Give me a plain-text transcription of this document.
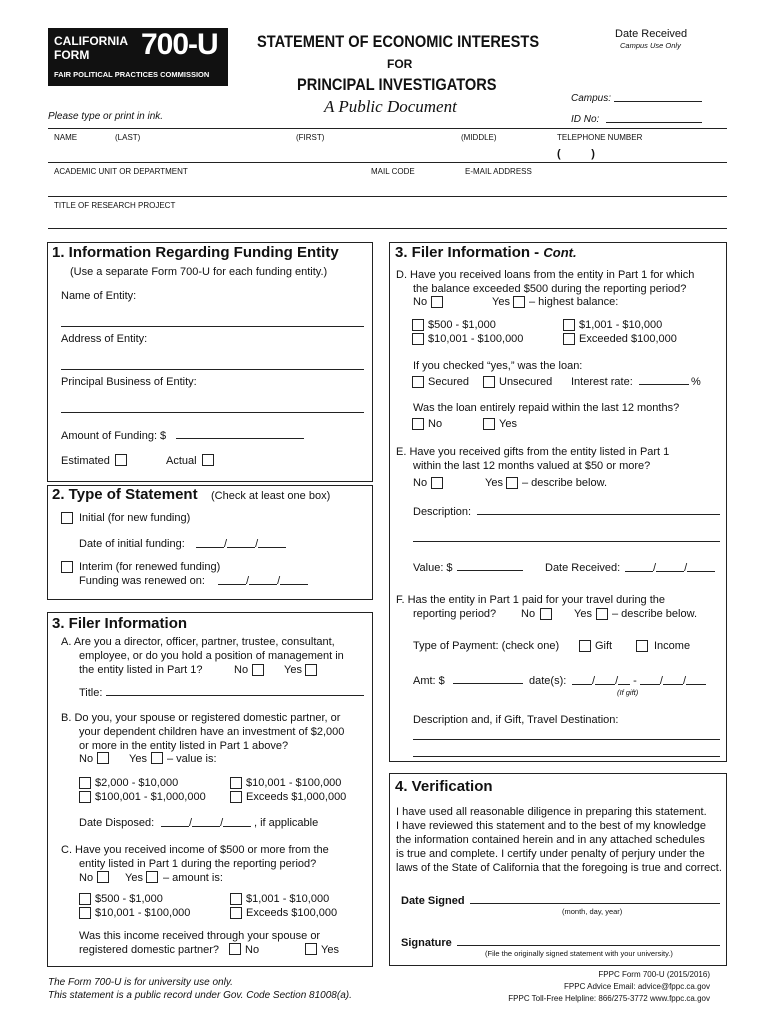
CALIFORNIA
FORM	700-U
FAIR POLITICAL PRACTICES COMMISSION
STATEMENT OF ECONOMIC INTERESTS
FOR
PRINCIPAL INVESTIGATORS
A Public Document
Please type or print in ink.
Date Received
Campus Use Only
Campus:
ID No:
NAME	(LAST)	(FIRST)	(MIDDLE)	TELEPHONE NUMBER
(          )
ACADEMIC UNIT OR DEPARTMENT	MAIL CODE	E-MAIL ADDRESS
TITLE OF RESEARCH PROJECT
1. Information Regarding Funding Entity
(Use a separate Form 700-U for each funding entity.)
Name of Entity:
Address of Entity:
Principal Business of Entity:
Amount of Funding: $
Estimated	Actual
2. Type of Statement (Check at least one box)
Initial (for new funding)
Date of initial funding:	/	/
Interim (for renewed funding)
Funding was renewed on:	/	/
3. Filer Information
A. Are you a director, officer, partner, trustee, consultant,
employee, or do you hold a position of management in
the entity listed in Part 1?	No	Yes
Title:
B. Do you, your spouse or registered domestic partner, or
your dependent children have an investment of $2,000
or more in the entity listed in Part 1 above?
No	Yes – value is:
$2,000 - $10,000	$10,001 - $100,000
$100,001 - $1,000,000	Exceeds $1,000,000
Date Disposed:	/	/	, if applicable
C. Have you received income of $500 or more from the
entity listed in Part 1 during the reporting period?
No	Yes – amount is:
$500 - $1,000	$1,001 - $10,000
$10,001 - $100,000	Exceeds $100,000
Was this income received through your spouse or
registered domestic partner? No	Yes
3. Filer Information - Cont.
D. Have you received loans from the entity in Part 1 for which
the balance exceeded $500 during the reporting period?
No	Yes – highest balance:
$500 - $1,000	$1,001 - $10,000
$10,001 - $100,000	Exceeded $100,000
If you checked “yes,” was the loan:
Secured	Unsecured Interest rate:	%
Was the loan entirely repaid within the last 12 months?
No	Yes
E. Have you received gifts from the entity listed in Part 1
within the last 12 months valued at $50 or more?
No	Yes – describe below.
Description:
Value: $	Date Received:	/	/
F. Has the entity in Part 1 paid for your travel during the
reporting period? No	Yes – describe below.
Type of Payment: (check one)	Gift	Income
Amt: $	date(s):	/ / - / /
(If gift)
Description and, if Gift, Travel Destination:
4. Verification
I have used all reasonable diligence in preparing this statement.
I have reviewed this statement and to the best of my knowledge
the information contained herein and in any attached schedules
is true and complete. I certify under penalty of perjury under the
laws of the State of California that the foregoing is true and correct.
Date Signed
(month, day, year)
Signature
(File the originally signed statement with your university.)
The Form 700-U is for university use only.
This statement is a public record under Gov. Code Section 81008(a).
FPPC Form 700-U (2015/2016)
FPPC Advice Email: advice@fppc.ca.gov
FPPC Toll-Free Helpline: 866/275-3772 www.fppc.ca.gov
